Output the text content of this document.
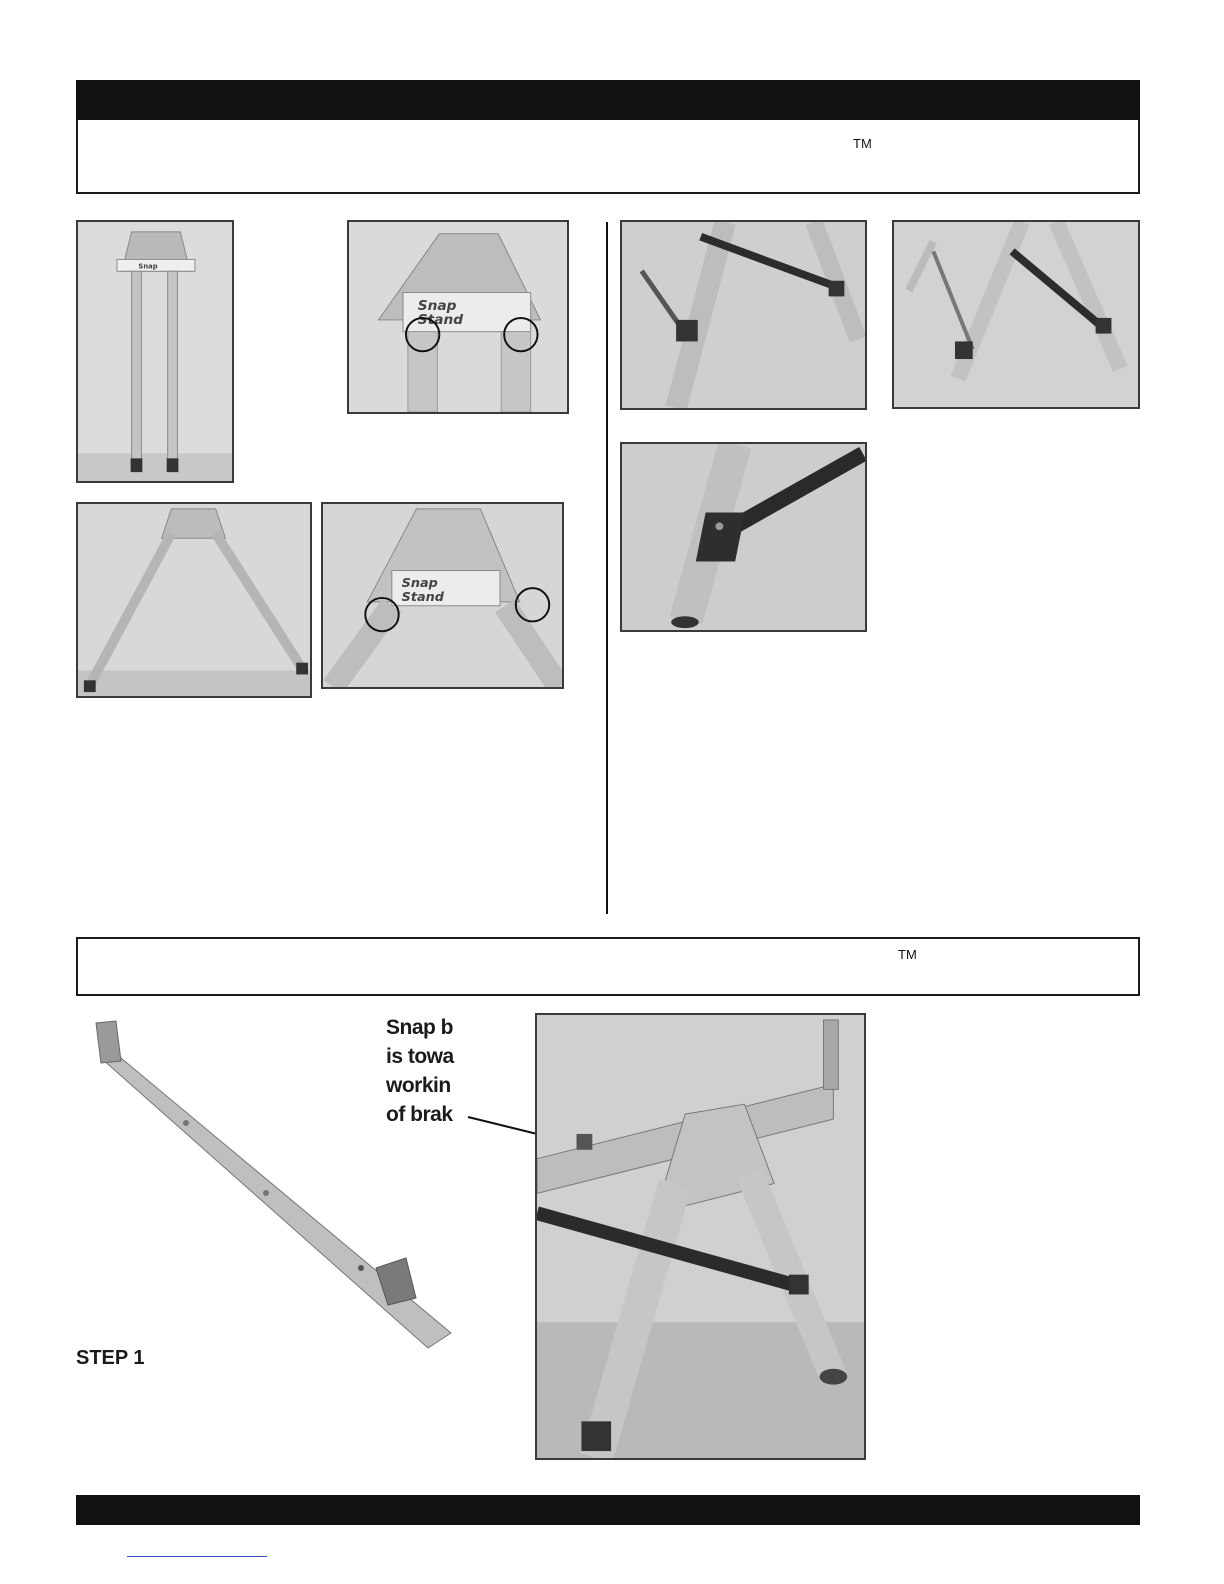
TM
Snap
Snap
Stand
Snap
Stand
TM
Snap b
is towa
workin
of brak
STEP 1
